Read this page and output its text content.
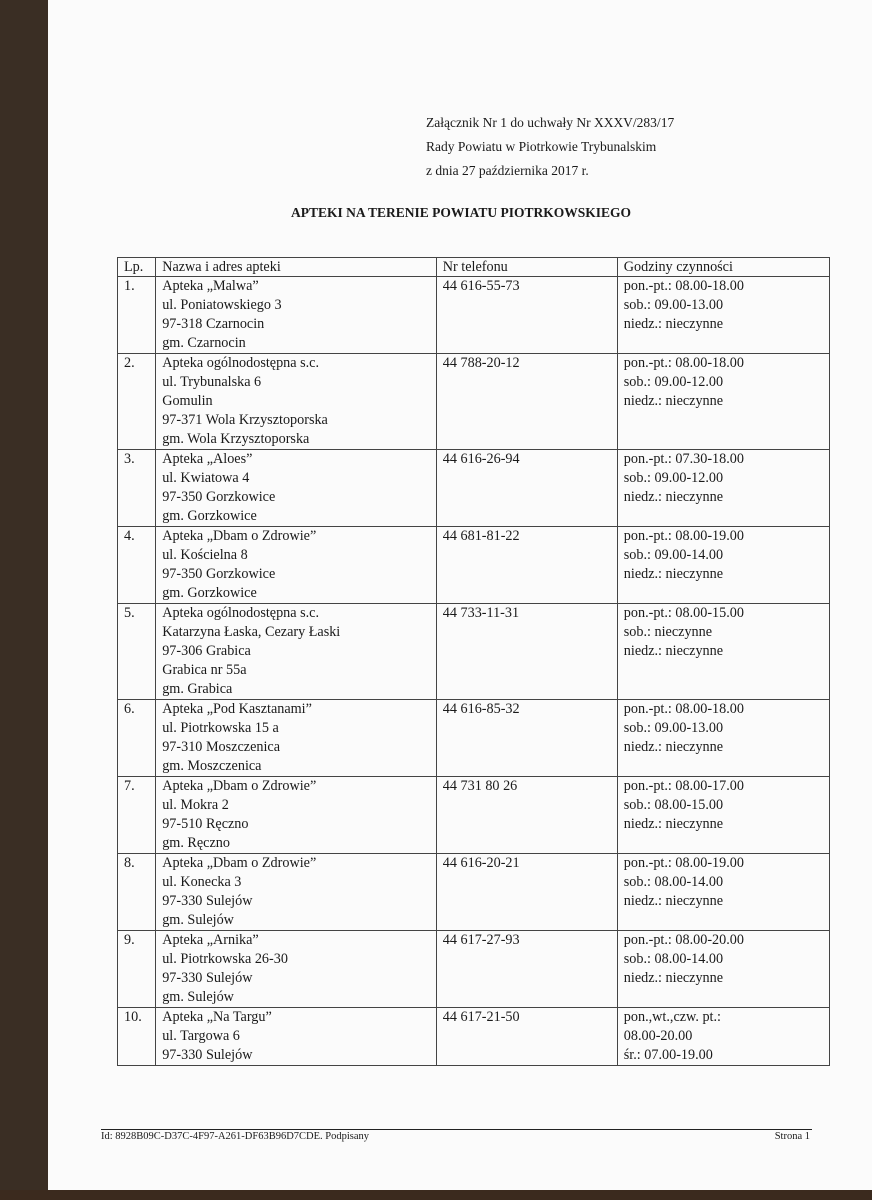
Załącznik Nr 1 do uchwały Nr XXXV/283/17
Rady Powiatu w Piotrkowie Trybunalskim
z dnia 27 października 2017 r.
APTEKI NA TERENIE POWIATU PIOTRKOWSKIEGO
Lp.	Nazwa i adres apteki	Nr telefonu	Godziny czynności
1.	Apteka „Malwa”
ul. Poniatowskiego 3
97-318 Czarnocin
gm. Czarnocin	44 616-55-73	pon.-pt.: 08.00-18.00
sob.: 09.00-13.00
niedz.: nieczynne

2.	Apteka ogólnodostępna s.c.
ul. Trybunalska 6
Gomulin
97-371 Wola Krzysztoporska
gm. Wola Krzysztoporska	44 788-20-12	pon.-pt.: 08.00-18.00
sob.: 09.00-12.00
niedz.: nieczynne

3.	Apteka „Aloes”
ul. Kwiatowa 4
97-350 Gorzkowice
gm. Gorzkowice	44 616-26-94	pon.-pt.: 07.30-18.00
sob.: 09.00-12.00
niedz.: nieczynne

4.	Apteka „Dbam o Zdrowie”
ul. Kościelna 8
97-350 Gorzkowice
gm. Gorzkowice	44 681-81-22	pon.-pt.: 08.00-19.00
sob.: 09.00-14.00
niedz.: nieczynne

5.	Apteka ogólnodostępna s.c.
Katarzyna Łaska, Cezary Łaski
97-306 Grabica
Grabica nr 55a
gm. Grabica	44 733-11-31	pon.-pt.: 08.00-15.00
sob.: nieczynne
niedz.: nieczynne

6.	Apteka „Pod Kasztanami”
ul. Piotrkowska 15 a
97-310 Moszczenica
gm. Moszczenica	44 616-85-32	pon.-pt.: 08.00-18.00
sob.: 09.00-13.00
niedz.: nieczynne

7.	Apteka „Dbam o Zdrowie”
ul. Mokra 2
97-510 Ręczno
gm. Ręczno	44 731 80 26	pon.-pt.: 08.00-17.00
sob.: 08.00-15.00
niedz.: nieczynne

8.	Apteka „Dbam o Zdrowie”
ul. Konecka 3
97-330 Sulejów
gm. Sulejów	44 616-20-21	pon.-pt.: 08.00-19.00
sob.: 08.00-14.00
niedz.: nieczynne

9.	Apteka „Arnika”
ul. Piotrkowska 26-30
97-330 Sulejów
gm. Sulejów	44 617-27-93	pon.-pt.: 08.00-20.00
sob.: 08.00-14.00
niedz.: nieczynne

10.	Apteka „Na Targu”
ul. Targowa 6
97-330 Sulejów	44 617-21-50	pon.,wt.,czw. pt.:
08.00-20.00
śr.: 07.00-19.00
Id: 8928B09C-D37C-4F97-A261-DF63B96D7CDE. Podpisany	Strona 1
